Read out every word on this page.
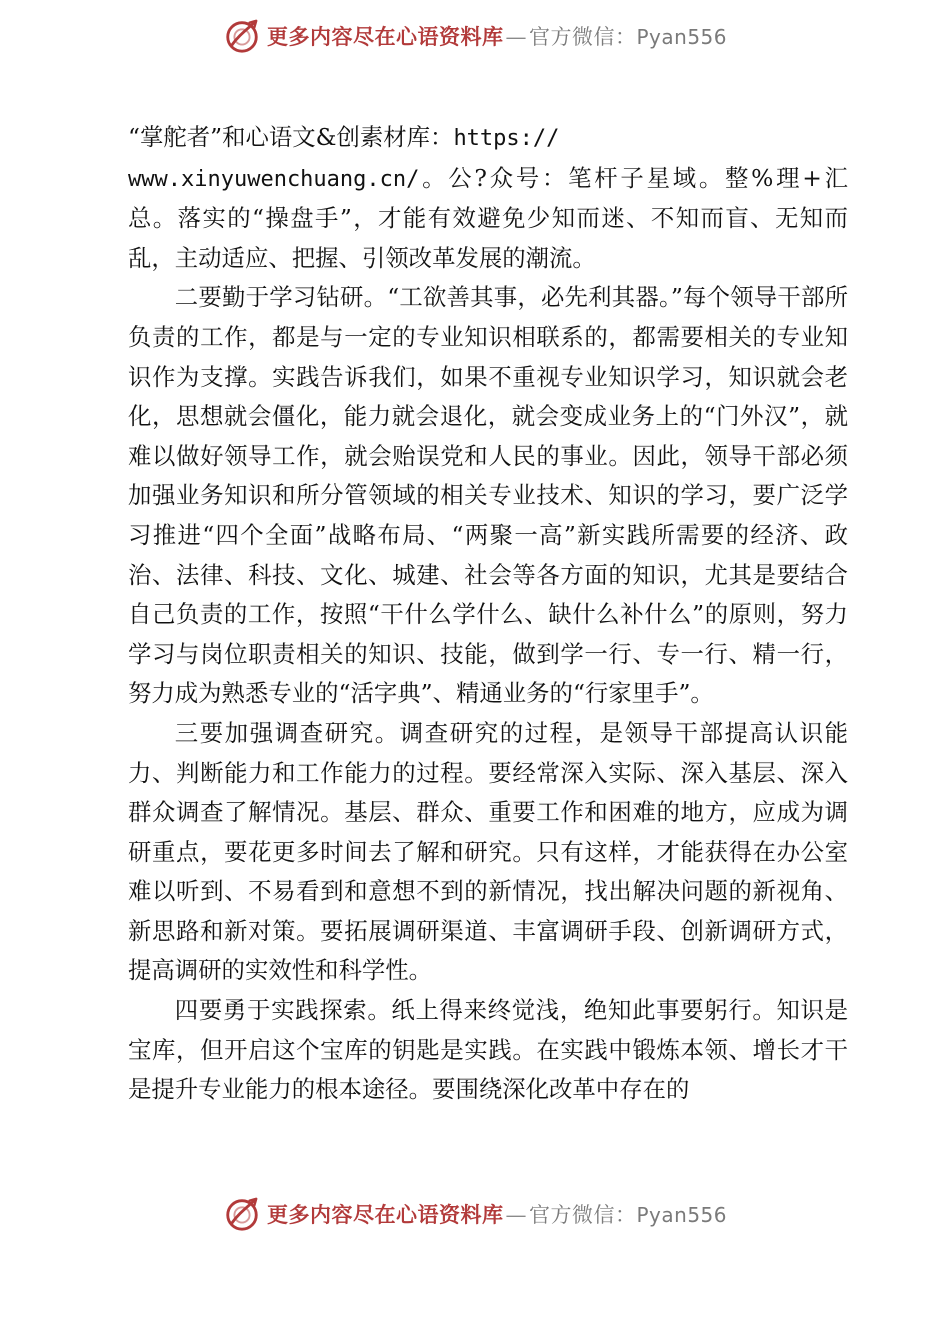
更多内容尽在心语资料库 — 官方微信： Pyan556

“掌舵者”和心语文&创素材库：https://
www.xinyuwenchuang.cn/。公?众号：笔杆子星域。整%理+汇总。落实的“操盘手”，才能有效避免少知而迷、不知而盲、无知而乱，主动适应、把握、引领改革发展的潮流。

二要勤于学习钻研。“工欲善其事，必先利其器。”每个领导干部所负责的工作，都是与一定的专业知识相联系的，都需要相关的专业知识作为支撑。实践告诉我们，如果不重视专业知识学习，知识就会老化，思想就会僵化，能力就会退化，就会变成业务上的“门外汉”，就难以做好领导工作，就会贻误党和人民的事业。因此，领导干部必须加强业务知识和所分管领域的相关专业技术、知识的学习，要广泛学习推进“四个全面”战略布局、“两聚一高”新实践所需要的经济、政治、法律、科技、文化、城建、社会等各方面的知识，尤其是要结合自己负责的工作，按照“干什么学什么、缺什么补什么”的原则，努力学习与岗位职责相关的知识、技能，做到学一行、专一行、精一行，努力成为熟悉专业的“活字典”、精通业务的“行家里手”。

三要加强调查研究。调查研究的过程，是领导干部提高认识能力、判断能力和工作能力的过程。要经常深入实际、深入基层、深入群众调查了解情况。基层、群众、重要工作和困难的地方，应成为调研重点，要花更多时间去了解和研究。只有这样，才能获得在办公室难以听到、不易看到和意想不到的新情况，找出解决问题的新视角、新思路和新对策。要拓展调研渠道、丰富调研手段、创新调研方式，提高调研的实效性和科学性。

四要勇于实践探索。纸上得来终觉浅，绝知此事要躬行。知识是宝库，但开启这个宝库的钥匙是实践。在实践中锻炼本领、增长才干是提升专业能力的根本途径。要围绕深化改革中存在的

更多内容尽在心语资料库 — 官方微信： Pyan556
